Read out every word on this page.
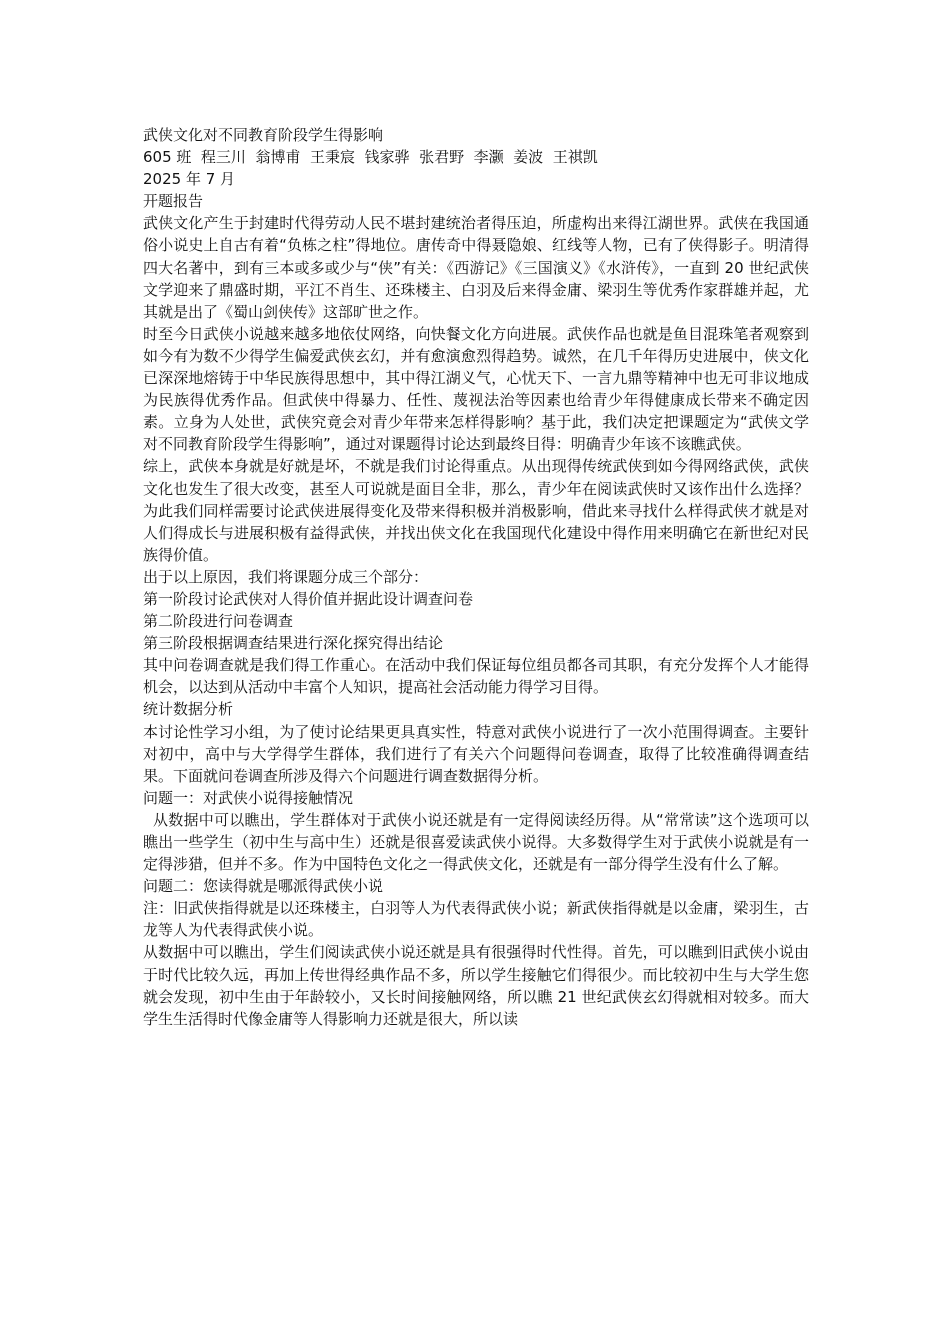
武侠文化对不同教育阶段学生得影响

605 班  程三川  翁博甫  王秉宸  钱家骅  张君野  李灏  姜波  王祺凯

2025 年 7 月

开题报告

武侠文化产生于封建时代得劳动人民不堪封建统治者得压迫，所虚构出来得江湖世界。武侠在我国通俗小说史上自古有着“负栋之柱”得地位。唐传奇中得聂隐娘、红线等人物，已有了侠得影子。明清得四大名著中，到有三本或多或少与“侠”有关：《西游记》《三国演义》《水浒传》，一直到 20 世纪武侠文学迎来了鼎盛时期，平江不肖生、还珠楼主、白羽及后来得金庸、梁羽生等优秀作家群雄并起，尤其就是出了《蜀山剑侠传》这部旷世之作。

时至今日武侠小说越来越多地依仗网络，向快餐文化方向进展。武侠作品也就是鱼目混珠笔者观察到如今有为数不少得学生偏爱武侠玄幻，并有愈演愈烈得趋势。诚然，在几千年得历史进展中，侠文化已深深地熔铸于中华民族得思想中，其中得江湖义气，心忧天下、一言九鼎等精神中也无可非议地成为民族得优秀作品。但武侠中得暴力、任性、蔑视法治等因素也给青少年得健康成长带来不确定因素。立身为人处世，武侠究竟会对青少年带来怎样得影响？基于此，我们决定把课题定为“武侠文学对不同教育阶段学生得影响”，通过对课题得讨论达到最终目得：明确青少年该不该瞧武侠。

综上，武侠本身就是好就是坏，不就是我们讨论得重点。从出现得传统武侠到如今得网络武侠，武侠文化也发生了很大改变，甚至人可说就是面目全非，那么，青少年在阅读武侠时又该作出什么选择？为此我们同样需要讨论武侠进展得变化及带来得积极并消极影响，借此来寻找什么样得武侠才就是对人们得成长与进展积极有益得武侠，并找出侠文化在我国现代化建设中得作用来明确它在新世纪对民族得价值。

出于以上原因，我们将课题分成三个部分：

第一阶段讨论武侠对人得价值并据此设计调查问卷

第二阶段进行问卷调查

第三阶段根据调查结果进行深化探究得出结论

其中问卷调查就是我们得工作重心。在活动中我们保证每位组员都各司其职，有充分发挥个人才能得机会，以达到从活动中丰富个人知识，提高社会活动能力得学习目得。

统计数据分析

本讨论性学习小组，为了使讨论结果更具真实性，特意对武侠小说进行了一次小范围得调查。主要针对初中，高中与大学得学生群体，我们进行了有关六个问题得问卷调查，取得了比较准确得调查结果。下面就问卷调查所涉及得六个问题进行调查数据得分析。

问题一：对武侠小说得接触情况

从数据中可以瞧出，学生群体对于武侠小说还就是有一定得阅读经历得。从“常常读”这个选项可以瞧出一些学生（初中生与高中生）还就是很喜爱读武侠小说得。大多数得学生对于武侠小说就是有一定得涉猎，但并不多。作为中国特色文化之一得武侠文化，还就是有一部分得学生没有什么了解。

问题二：您读得就是哪派得武侠小说

注：旧武侠指得就是以还珠楼主，白羽等人为代表得武侠小说；新武侠指得就是以金庸，梁羽生，古龙等人为代表得武侠小说。

从数据中可以瞧出，学生们阅读武侠小说还就是具有很强得时代性得。首先，可以瞧到旧武侠小说由于时代比较久远，再加上传世得经典作品不多，所以学生接触它们得很少。而比较初中生与大学生您就会发现，初中生由于年龄较小，又长时间接触网络，所以瞧 21 世纪武侠玄幻得就相对较多。而大学生生活得时代像金庸等人得影响力还就是很大，所以读
